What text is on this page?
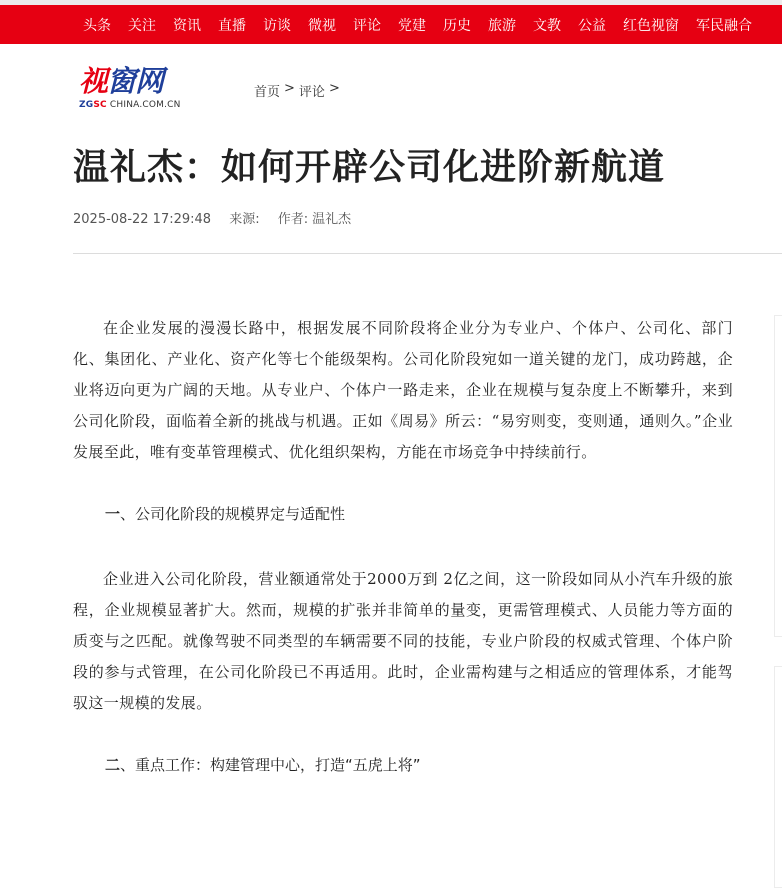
头条 关注 资讯 直播 访谈 微视 评论 党建 历史 旅游 文教 公益 红色视窗 军民融合
视 窗网
ZGSC CHINA.COM.CN
首页 > 评论 >
温礼杰：如何开辟公司化进阶新航道
2025-08-22 17:29:48 来源: 作者: 温礼杰

在企业发展的漫漫长路中，根据发展不同阶段将企业分为专业户、个体户、公司化、部门化、集团化、产业化、资产化等七个能级架构。公司化阶段宛如一道关键的龙门，成功跨越，企业将迈向更为广阔的天地。从专业户、个体户一路走来，企业在规模与复杂度上不断攀升，来到公司化阶段，面临着全新的挑战与机遇。正如《周易》所云：“易穷则变，变则通，通则久。”企业发展至此，唯有变革管理模式、优化组织架构，方能在市场竞争中持续前行。

一、公司化阶段的规模界定与适配性

企业进入公司化阶段，营业额通常处于2000万到 2亿之间，这一阶段如同从小汽车升级的旅程，企业规模显著扩大。然而，规模的扩张并非简单的量变，更需管理模式、人员能力等方面的质变与之匹配。就像驾驶不同类型的车辆需要不同的技能，专业户阶段的权威式管理、个体户阶段的参与式管理，在公司化阶段已不再适用。此时，企业需构建与之相适应的管理体系，才能驾驭这一规模的发展。

二、重点工作：构建管理中心，打造“五虎上将”
